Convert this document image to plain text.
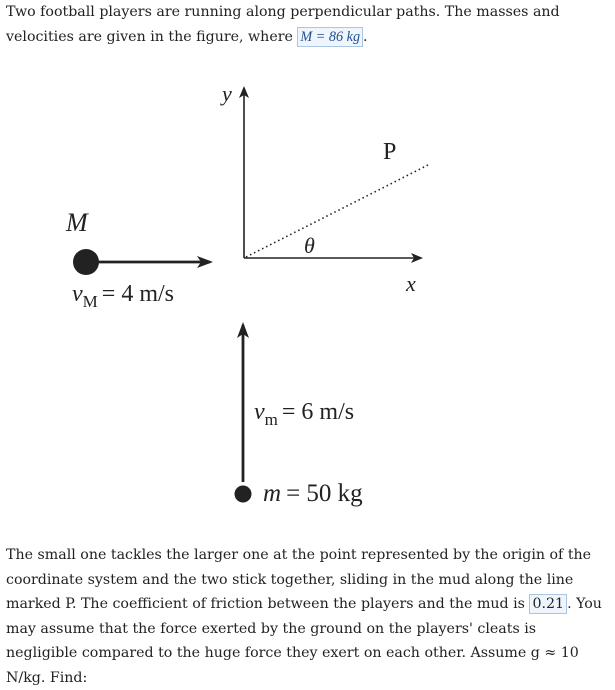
Two football players are running along perpendicular paths. The masses and velocities are given in the figure, where M = 86 kg .

y
x
P
θ
M
$v_M = 4$ m/s
$v_m = 6$ m/s
m = 50 kg

The small one tackles the larger one at the point represented by the origin of the coordinate system and the two stick together, sliding in the mud along the line marked P. The coefficient of friction between the players and the mud is 0.21 . You may assume that the force exerted by the ground on the players' cleats is negligible compared to the huge force they exert on each other. Assume g ≈ 10 N/kg. Find:
